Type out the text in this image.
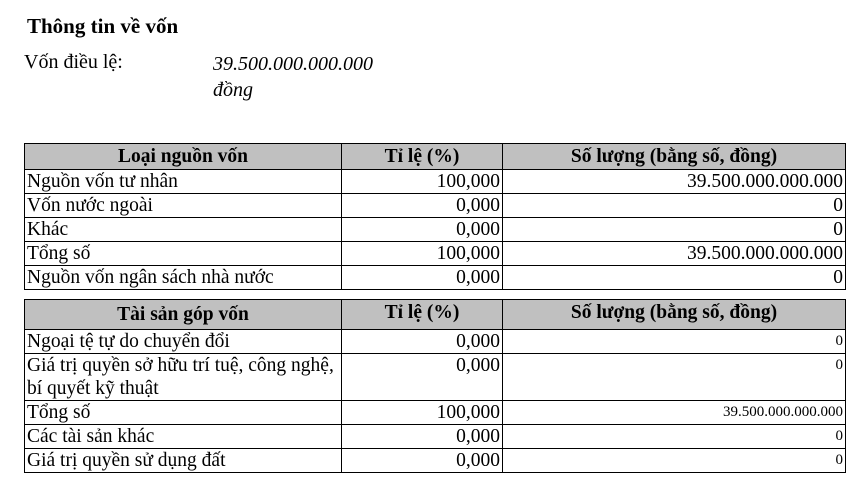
Thông tin về vốn
Vốn điều lệ:	39.500.000.000.000 đồng
Loại nguồn vốn	Tỉ lệ (%)	Số lượng (bằng số, đồng)
Nguồn vốn tư nhân	100,000	39.500.000.000.000
Vốn nước ngoài	0,000	0
Khác	0,000	0
Tổng số	100,000	39.500.000.000.000
Nguồn vốn ngân sách nhà nước	0,000	0
Tài sản góp vốn	Tỉ lệ (%)	Số lượng (bằng số, đồng)
Ngoại tệ tự do chuyển đổi	0,000	0
Giá trị quyền sở hữu trí tuệ, công nghệ, bí quyết kỹ thuật	0,000	0
Tổng số	100,000	39.500.000.000.000
Các tài sản khác	0,000	0
Giá trị quyền sử dụng đất	0,000	0
